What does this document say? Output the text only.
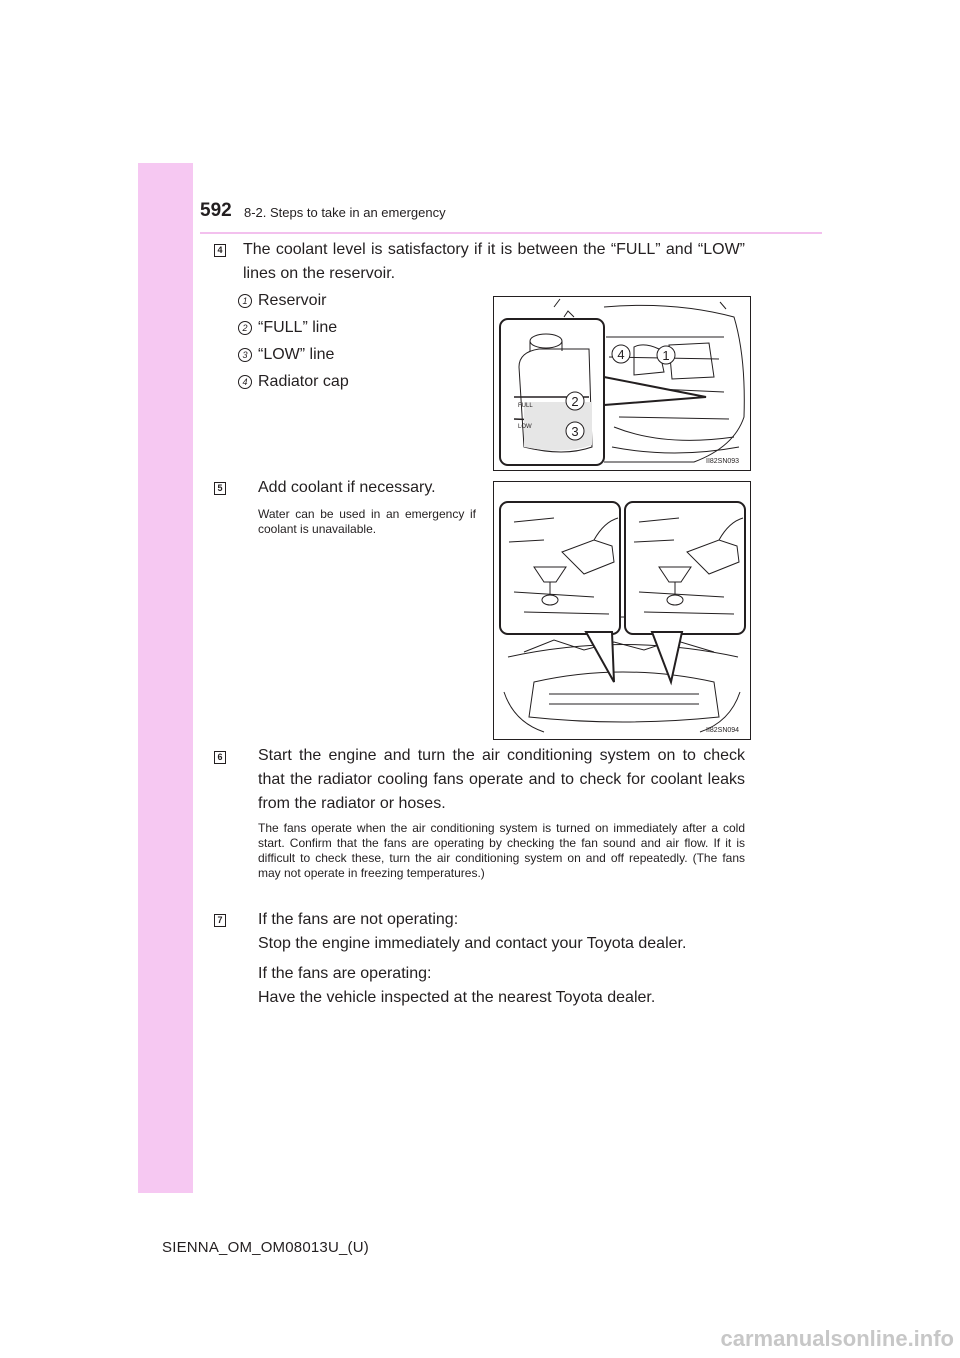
592 8-2. Steps to take in an emergency
4 The coolant level is satisfactory if it is between the “FULL” and “LOW” lines on the reservoir.
1 Reservoir
2 “FULL” line
3 “LOW” line
4 Radiator cap
FULL
LOW
4	1
2
3
II82SN093
5 Add coolant if necessary.
Water can be used in an emergency if coolant is unavailable.
II82SN094
6 Start the engine and turn the air conditioning system on to check that the radiator cooling fans operate and to check for coolant leaks from the radiator or hoses.
The fans operate when the air conditioning system is turned on immediately after a cold start. Confirm that the fans are operating by checking the fan sound and air flow. If it is difficult to check these, turn the air conditioning system on and off repeatedly. (The fans may not operate in freezing temperatures.)
7 If the fans are not operating:
Stop the engine immediately and contact your Toyota dealer.
If the fans are operating:
Have the vehicle inspected at the nearest Toyota dealer.
SIENNA_OM_OM08013U_(U)
carmanualsonline.info
